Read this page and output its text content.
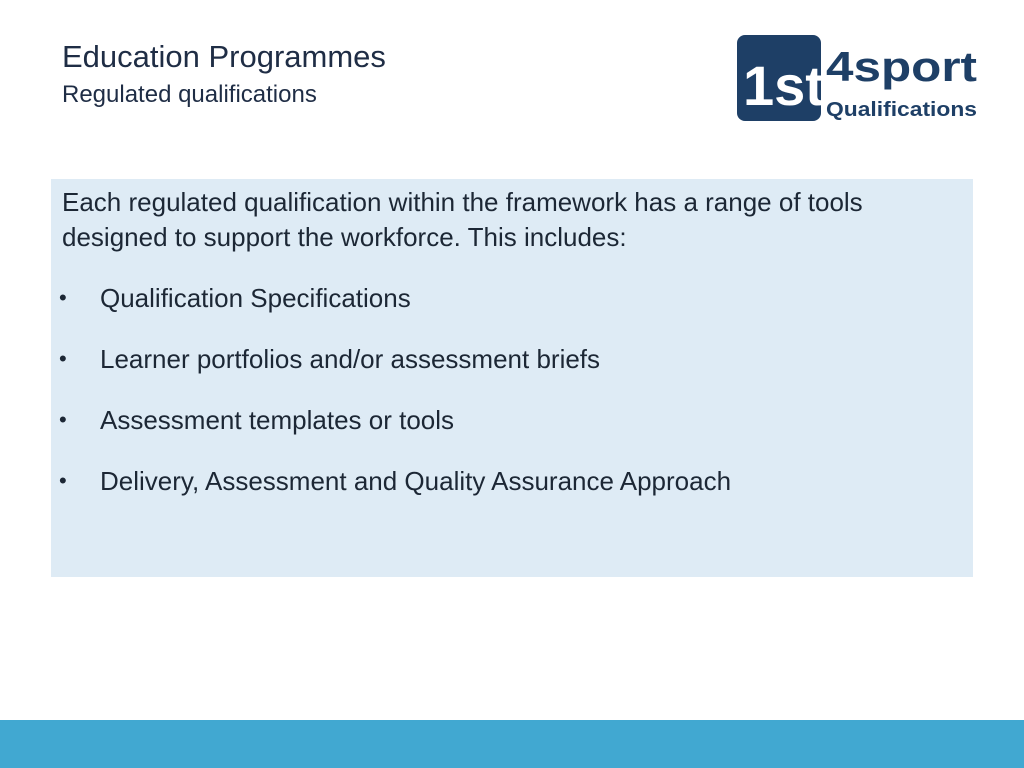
Education Programmes
Regulated qualifications	1st 4sport
Qualifications

Each regulated qualification within the framework has a range of tools designed to support the workforce. This includes:

•	Qualification Specifications
•	Learner portfolios and/or assessment briefs
•	Assessment templates or tools
•	Delivery, Assessment and Quality Assurance Approach
